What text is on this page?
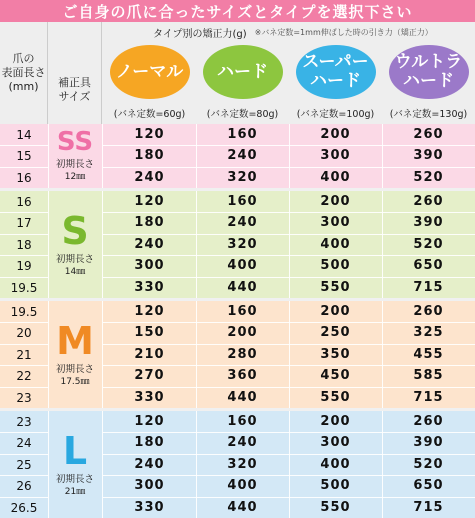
ご自身の爪に合ったサイズとタイプを選択下さい
爪の
表面長さ
(mm) 補正具
サイズ
タイプ別の矯正力(g) ※バネ定数=1mm伸ばした時の引き力（矯正力）
ノーマル
(バネ定数=60g)
ハード
(バネ定数=80g)
スーパー
ハード
(バネ定数=100g)
ウルトラ
ハード
(バネ定数=130g)
14	120	160	200	260
15	180	240	300	390
16	240	320	400	520
SS
初期長さ
12㎜
16	120	160	200	260
17	180	240	300	390
18	240	320	400	520
19	300	400	500	650
19.5	330	440	550	715
S
初期長さ
14㎜
19.5	120	160	200	260
20	150	200	250	325
21	210	280	350	455
22	270	360	450	585
23	330	440	550	715
M
初期長さ
17.5㎜
23	120	160	200	260
24	180	240	300	390
25	240	320	400	520
26	300	400	500	650
26.5	330	440	550	715
L
初期長さ
21㎜
